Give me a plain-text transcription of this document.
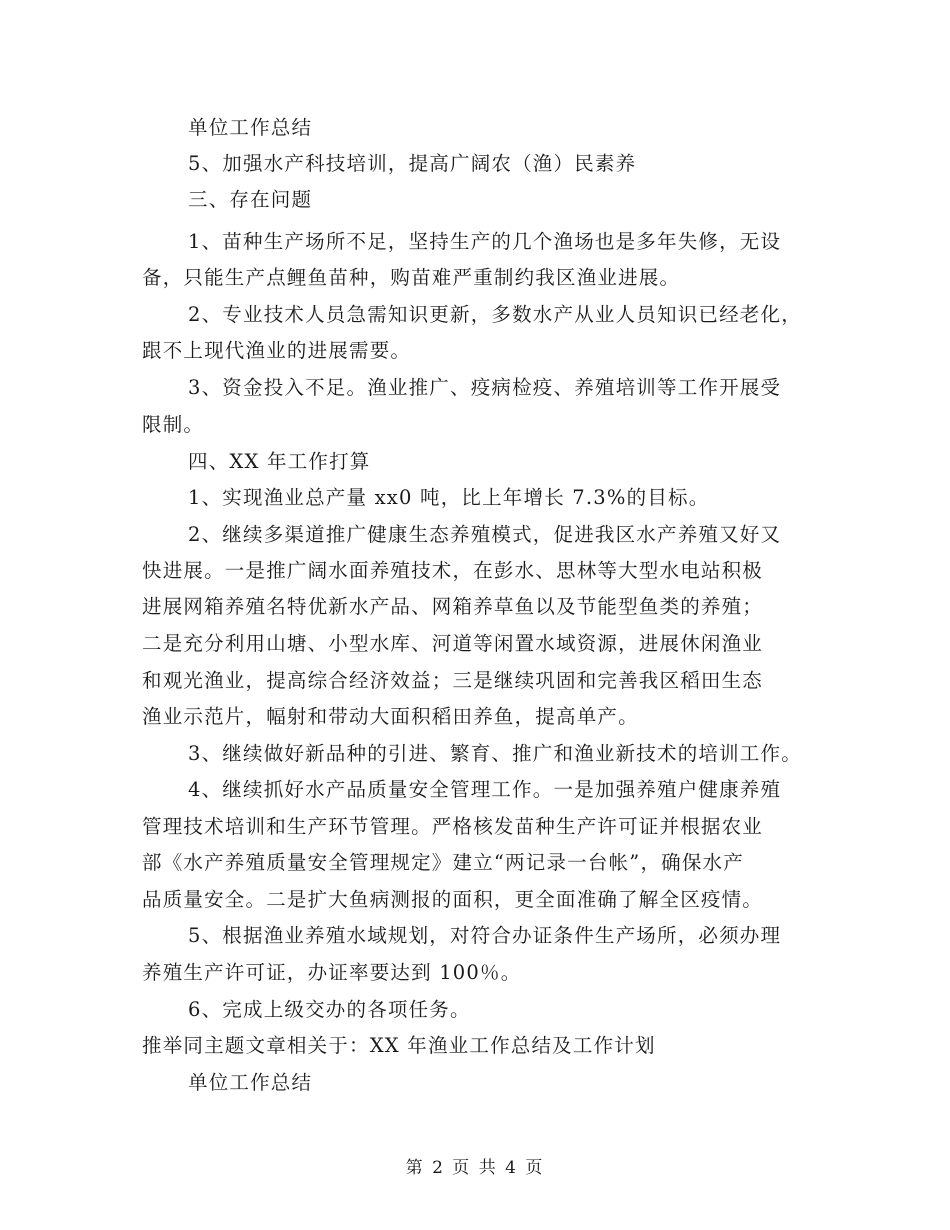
单位工作总结
5、加强水产科技培训，提高广阔农（渔）民素养
三、存在问题
1、苗种生产场所不足，坚持生产的几个渔场也是多年失修，无设
备，只能生产点鲤鱼苗种，购苗难严重制约我区渔业进展。
2、专业技术人员急需知识更新，多数水产从业人员知识已经老化，
跟不上现代渔业的进展需要。
3、资金投入不足。渔业推广、疫病检疫、养殖培训等工作开展受
限制。
四、XX 年工作打算
1、实现渔业总产量 xx0 吨，比上年增长 7.3%的目标。
2、继续多渠道推广健康生态养殖模式，促进我区水产养殖又好又
快进展。一是推广阔水面养殖技术，在彭水、思林等大型水电站积极
进展网箱养殖名特优新水产品、网箱养草鱼以及节能型鱼类的养殖；
二是充分利用山塘、小型水库、河道等闲置水域资源，进展休闲渔业
和观光渔业，提高综合经济效益；三是继续巩固和完善我区稻田生态
渔业示范片，幅射和带动大面积稻田养鱼，提高单产。
3、继续做好新品种的引进、繁育、推广和渔业新技术的培训工作。
4、继续抓好水产品质量安全管理工作。一是加强养殖户健康养殖
管理技术培训和生产环节管理。严格核发苗种生产许可证并根据农业
部《水产养殖质量安全管理规定》建立“两记录一台帐”，确保水产
品质量安全。二是扩大鱼病测报的面积，更全面准确了解全区疫情。
5、根据渔业养殖水域规划，对符合办证条件生产场所，必须办理
养殖生产许可证，办证率要达到 100％。
6、完成上级交办的各项任务。
推举同主题文章相关于：XX 年渔业工作总结及工作计划
单位工作总结
第 2 页 共 4 页
